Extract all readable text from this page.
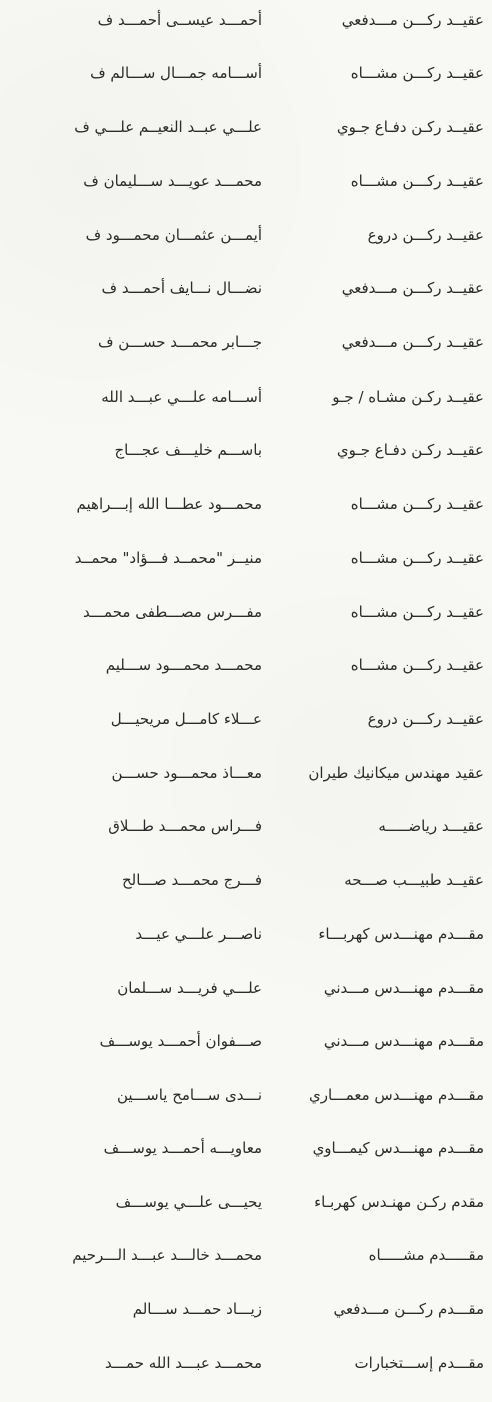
عقيــد ركـــن مـــدفعي
أحمـــد عيســى أحمـــد ف
عقيــد ركـــن مشـــاه
أســـامه جمـــال ســـالم ف
عقيــد ركـن دفـاع جـوي
علـــي عبــد النعيــم علـــي ف
عقيــد ركـــن مشـــاه
محمـــد عويـــد ســـليمان ف
عقيــد ركـــن دروع
أيمـــن عثمـــان محمـــود ف
عقيــد ركـــن مـــدفعي
نضـــال نـــايف أحمـــد ف
عقيــد ركـــن مـــدفعي
جـــابر محمـــد حســـن ف
عقيــد ركـن مشـاه / جـو
أســـامه علـــي عبـــد الله
عقيــد ركـن دفـاع جـوي
باســـم خليـــف عجـــاج
عقيــد ركـــن مشـــاه
محمـــود عطـــا الله إبـــراهيم
عقيــد ركـــن مشـــاه
منيــر "محمــد فـــؤاد" محمــد
عقيــد ركـــن مشـــاه
مفـــرس مصـــطفى محمـــد
عقيــد ركـــن مشـــاه
محمـــد محمـــود ســـليم
عقيــد ركـــن دروع
عـــلاء كامـــل مريحيـــل
عقيد مهندس ميكانيك طيران
معـــاذ محمـــود حســـن
عقيـــد رياضـــــه
فـــراس محمـــد طـــلاق
عقيــد طبيـــب صـــحه
فـــرج محمـــد صـــالح
مقـــدم مهنـــدس كهربـــاء
ناصـــر علـــي عيـــد
مقـــدم مهنـــدس مـــدني
علـــي فريـــد ســـلمان
مقـــدم مهنـــدس مـــدني
صـــفوان أحمـــد يوســـف
مقـــدم مهنـــدس معمـــاري
نـــدى ســـامح ياســـين
مقـــدم مهنـــدس كيمـــاوي
معاويـــه أحمـــد يوســـف
مقدم ركـن مهنـدس كهربـاء
يحيـــى علـــي يوســـف
مقـــــدم مشـــــاه
محمـــد خالـــد عبـــد الـــرحيم
مقـــدم ركـــن مـــدفعي
زيـــاد حمـــد ســـالم
مقـــدم إســـتخبارات
محمـــد عبـــد الله حمـــد
